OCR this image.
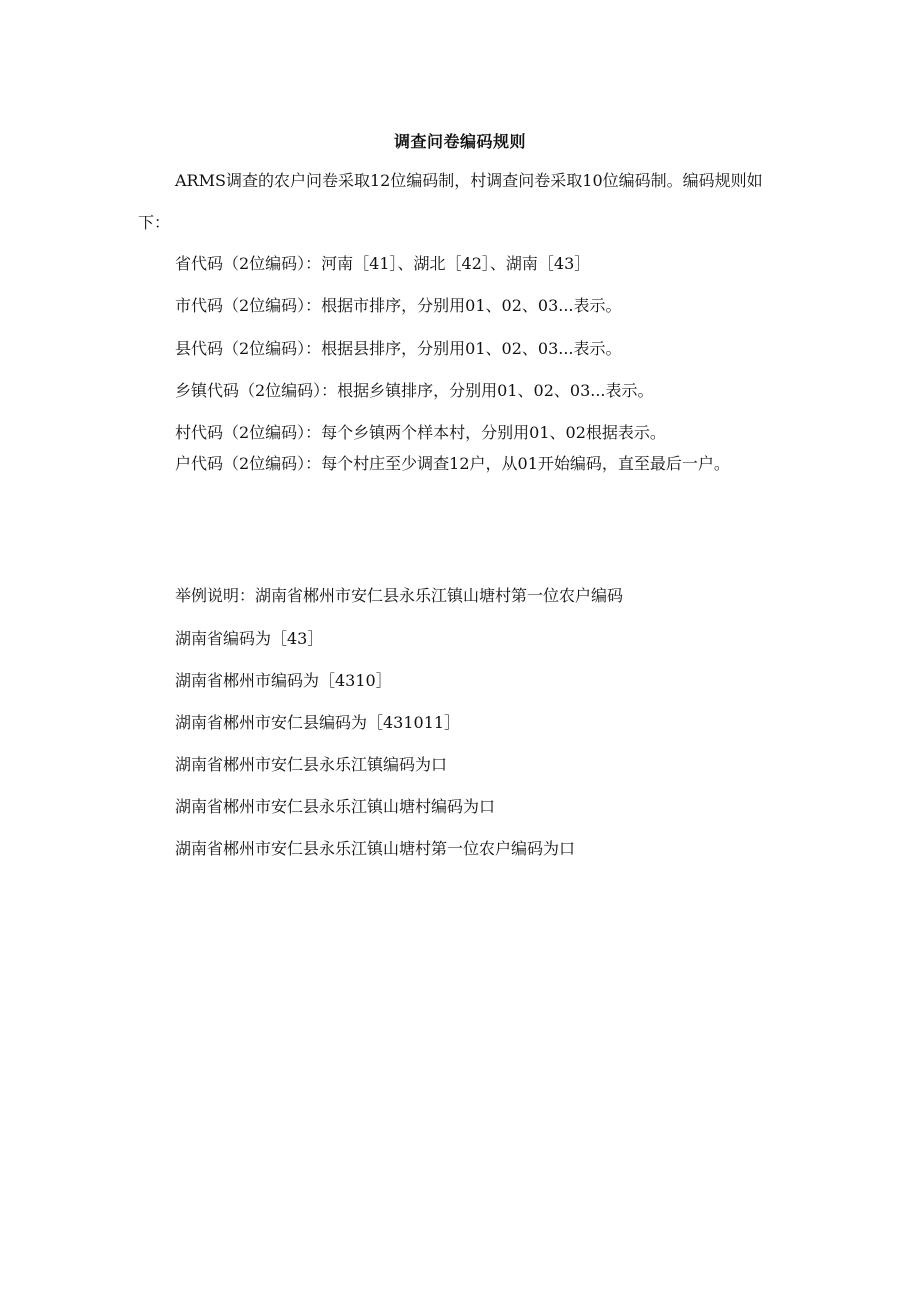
调查问卷编码规则
ARMS调查的农户问卷采取12位编码制，村调查问卷采取10位编码制。编码规则如下：
省代码（2位编码）：河南［41］、湖北［42］、湖南［43］
市代码（2位编码）：根据市排序，分别用01、02、03...表示。
县代码（2位编码）：根据县排序，分别用01、02、03...表示。
乡镇代码（2位编码）：根据乡镇排序，分别用01、02、03...表示。
村代码（2位编码）：每个乡镇两个样本村，分别用01、02根据表示。
户代码（2位编码）：每个村庄至少调查12户，从01开始编码，直至最后一户。
举例说明：湖南省郴州市安仁县永乐江镇山塘村第一位农户编码
湖南省编码为［43］
湖南省郴州市编码为［4310］
湖南省郴州市安仁县编码为［431011］
湖南省郴州市安仁县永乐江镇编码为口
湖南省郴州市安仁县永乐江镇山塘村编码为口
湖南省郴州市安仁县永乐江镇山塘村第一位农户编码为口
